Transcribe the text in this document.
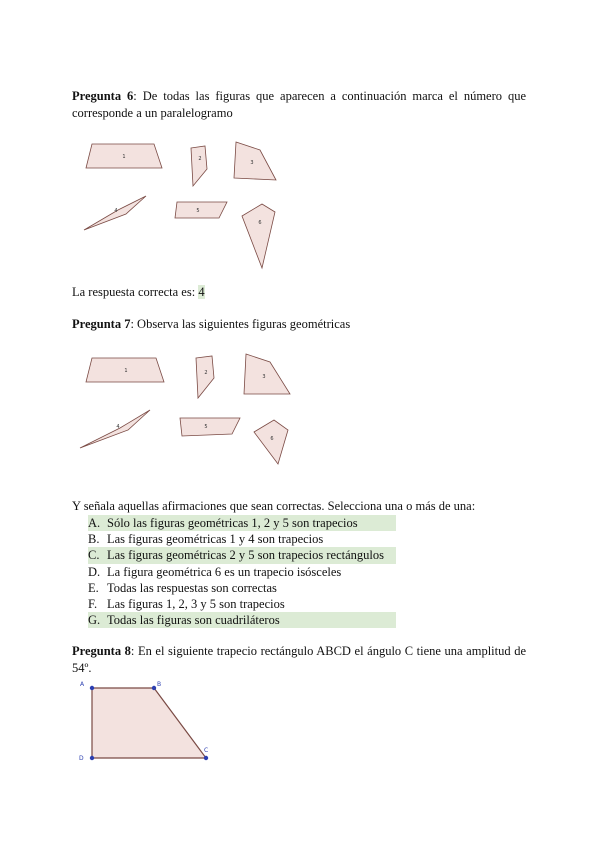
Pregunta 6: De todas las figuras que aparecen a continuación marca el número que corresponde a un paralelogramo
1	2
3
4	5
6
La respuesta correcta es: 4
Pregunta 7: Observa las siguientes figuras geométricas
1	2
3
4	5
6
Y señala aquellas afirmaciones que sean correctas. Selecciona una o más de una:
A. Sólo las figuras geométricas 1, 2 y 5 son trapecios
B. Las figuras geométricas 1 y 4 son trapecios
C. Las figuras geométricas 2 y 5 son trapecios rectángulos
D. La figura geométrica 6 es un trapecio isósceles
E. Todas las respuestas son correctas
F. Las figuras 1, 2, 3 y 5 son trapecios
G. Todas las figuras son cuadriláteros
Pregunta 8: En el siguiente trapecio rectángulo ABCD el ángulo C tiene una amplitud de 54º.
A	B
C
D
